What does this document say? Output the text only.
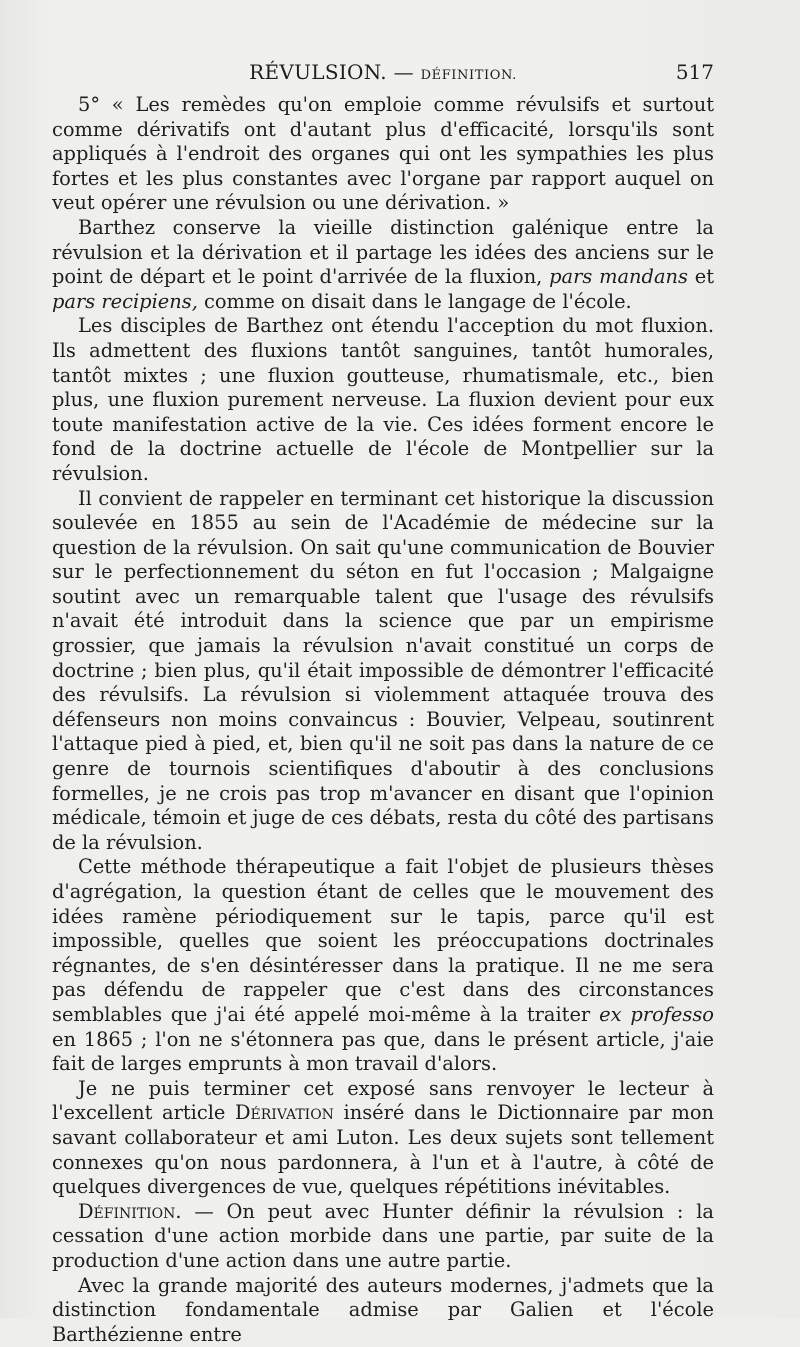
RÉVULSION. — DÉFINITION.	517

5° « Les remèdes qu'on emploie comme révulsifs et surtout comme dérivatifs ont d'autant plus d'efficacité, lorsqu'ils sont appliqués à l'endroit des organes qui ont les sympathies les plus fortes et les plus constantes avec l'organe par rapport auquel on veut opérer une révulsion ou une dérivation. »

Barthez conserve la vieille distinction galénique entre la révulsion et la dérivation et il partage les idées des anciens sur le point de départ et le point d'arrivée de la fluxion, pars mandans et pars recipiens, comme on disait dans le langage de l'école.

Les disciples de Barthez ont étendu l'acception du mot fluxion. Ils admettent des fluxions tantôt sanguines, tantôt humorales, tantôt mixtes ; une fluxion goutteuse, rhumatismale, etc., bien plus, une fluxion purement nerveuse. La fluxion devient pour eux toute manifestation active de la vie. Ces idées forment encore le fond de la doctrine actuelle de l'école de Montpellier sur la révulsion.

Il convient de rappeler en terminant cet historique la discussion soulevée en 1855 au sein de l'Académie de médecine sur la question de la révulsion. On sait qu'une communication de Bouvier sur le perfectionnement du séton en fut l'occasion ; Malgaigne soutint avec un remarquable talent que l'usage des révulsifs n'avait été introduit dans la science que par un empirisme grossier, que jamais la révulsion n'avait constitué un corps de doctrine ; bien plus, qu'il était impossible de démontrer l'efficacité des révulsifs. La révulsion si violemment attaquée trouva des défenseurs non moins convaincus : Bouvier, Velpeau, soutinrent l'attaque pied à pied, et, bien qu'il ne soit pas dans la nature de ce genre de tournois scientifiques d'aboutir à des conclusions formelles, je ne crois pas trop m'avancer en disant que l'opinion médicale, témoin et juge de ces débats, resta du côté des partisans de la révulsion.

Cette méthode thérapeutique a fait l'objet de plusieurs thèses d'agrégation, la question étant de celles que le mouvement des idées ramène périodiquement sur le tapis, parce qu'il est impossible, quelles que soient les préoccupations doctrinales régnantes, de s'en désintéresser dans la pratique. Il ne me sera pas défendu de rappeler que c'est dans des circonstances semblables que j'ai été appelé moi-même à la traiter ex professo en 1865 ; l'on ne s'étonnera pas que, dans le présent article, j'aie fait de larges emprunts à mon travail d'alors.

Je ne puis terminer cet exposé sans renvoyer le lecteur à l'excellent article Dérivation inséré dans le Dictionnaire par mon savant collaborateur et ami Luton. Les deux sujets sont tellement connexes qu'on nous pardonnera, à l'un et à l'autre, à côté de quelques divergences de vue, quelques répétitions inévitables.

Définition. — On peut avec Hunter définir la révulsion : la cessation d'une action morbide dans une partie, par suite de la production d'une action dans une autre partie.

Avec la grande majorité des auteurs modernes, j'admets que la distinction fondamentale admise par Galien et l'école Barthézienne entre
